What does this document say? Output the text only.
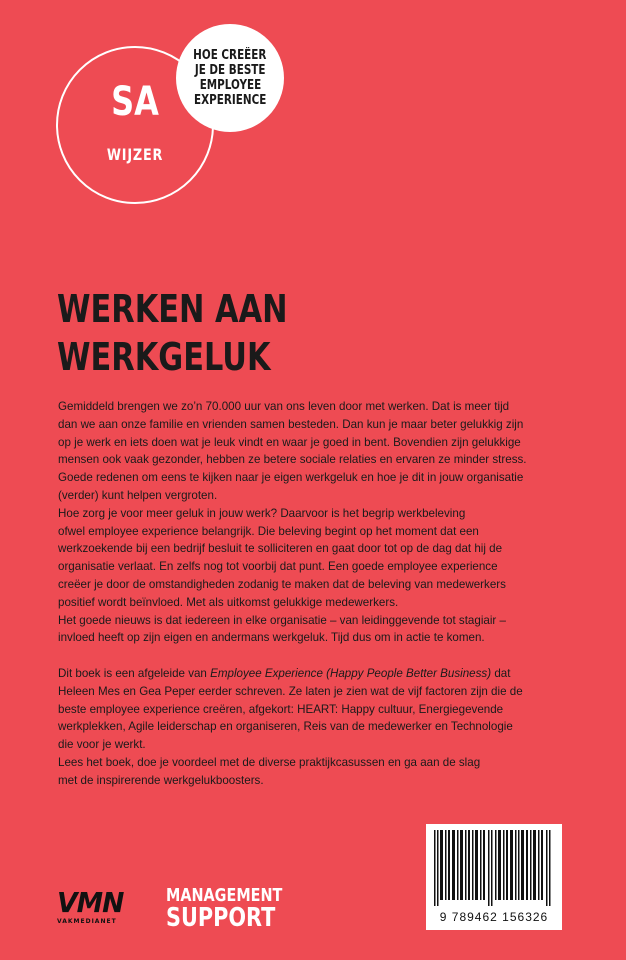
SA
WIJZER
HOE CREËER
JE DE BESTE
EMPLOYEE
EXPERIENCE
WERKEN AAN
WERKGELUK
Gemiddeld brengen we zo’n 70.000 uur van ons leven door met werken. Dat is meer tijd
dan we aan onze familie en vrienden samen besteden. Dan kun je maar beter gelukkig zijn
op je werk en iets doen wat je leuk vindt en waar je goed in bent. Bovendien zijn gelukkige
mensen ook vaak gezonder, hebben ze betere sociale relaties en ervaren ze minder stress.
Goede redenen om eens te kijken naar je eigen werkgeluk en hoe je dit in jouw organisatie
(verder) kunt helpen vergroten.
Hoe zorg je voor meer geluk in jouw werk? Daarvoor is het begrip werkbeleving
ofwel employee experience belangrijk. Die beleving begint op het moment dat een
werkzoekende bij een bedrijf besluit te solliciteren en gaat door tot op de dag dat hij de
organisatie verlaat. En zelfs nog tot voorbij dat punt. Een goede employee experience
creëer je door de omstandigheden zodanig te maken dat de beleving van medewerkers
positief wordt beïnvloed. Met als uitkomst gelukkige medewerkers.
Het goede nieuws is dat iedereen in elke organisatie – van leidinggevende tot stagiair –
invloed heeft op zijn eigen en andermans werkgeluk. Tijd dus om in actie te komen.
Dit boek is een afgeleide van Employee Experience (Happy People Better Business) dat
Heleen Mes en Gea Peper eerder schreven. Ze laten je zien wat de vijf factoren zijn die de
beste employee experience creëren, afgekort: HEART: Happy cultuur, Energiegevende
werkplekken, Agile leiderschap en organiseren, Reis van de medewerker en Technologie
die voor je werkt.
Lees het boek, doe je voordeel met de diverse praktijkcasussen en ga aan de slag
met de inspirerende werkgelukboosters.
9 789462 156326
VMN
VAKMEDIANET
MANAGEMENT
SUPPORT
